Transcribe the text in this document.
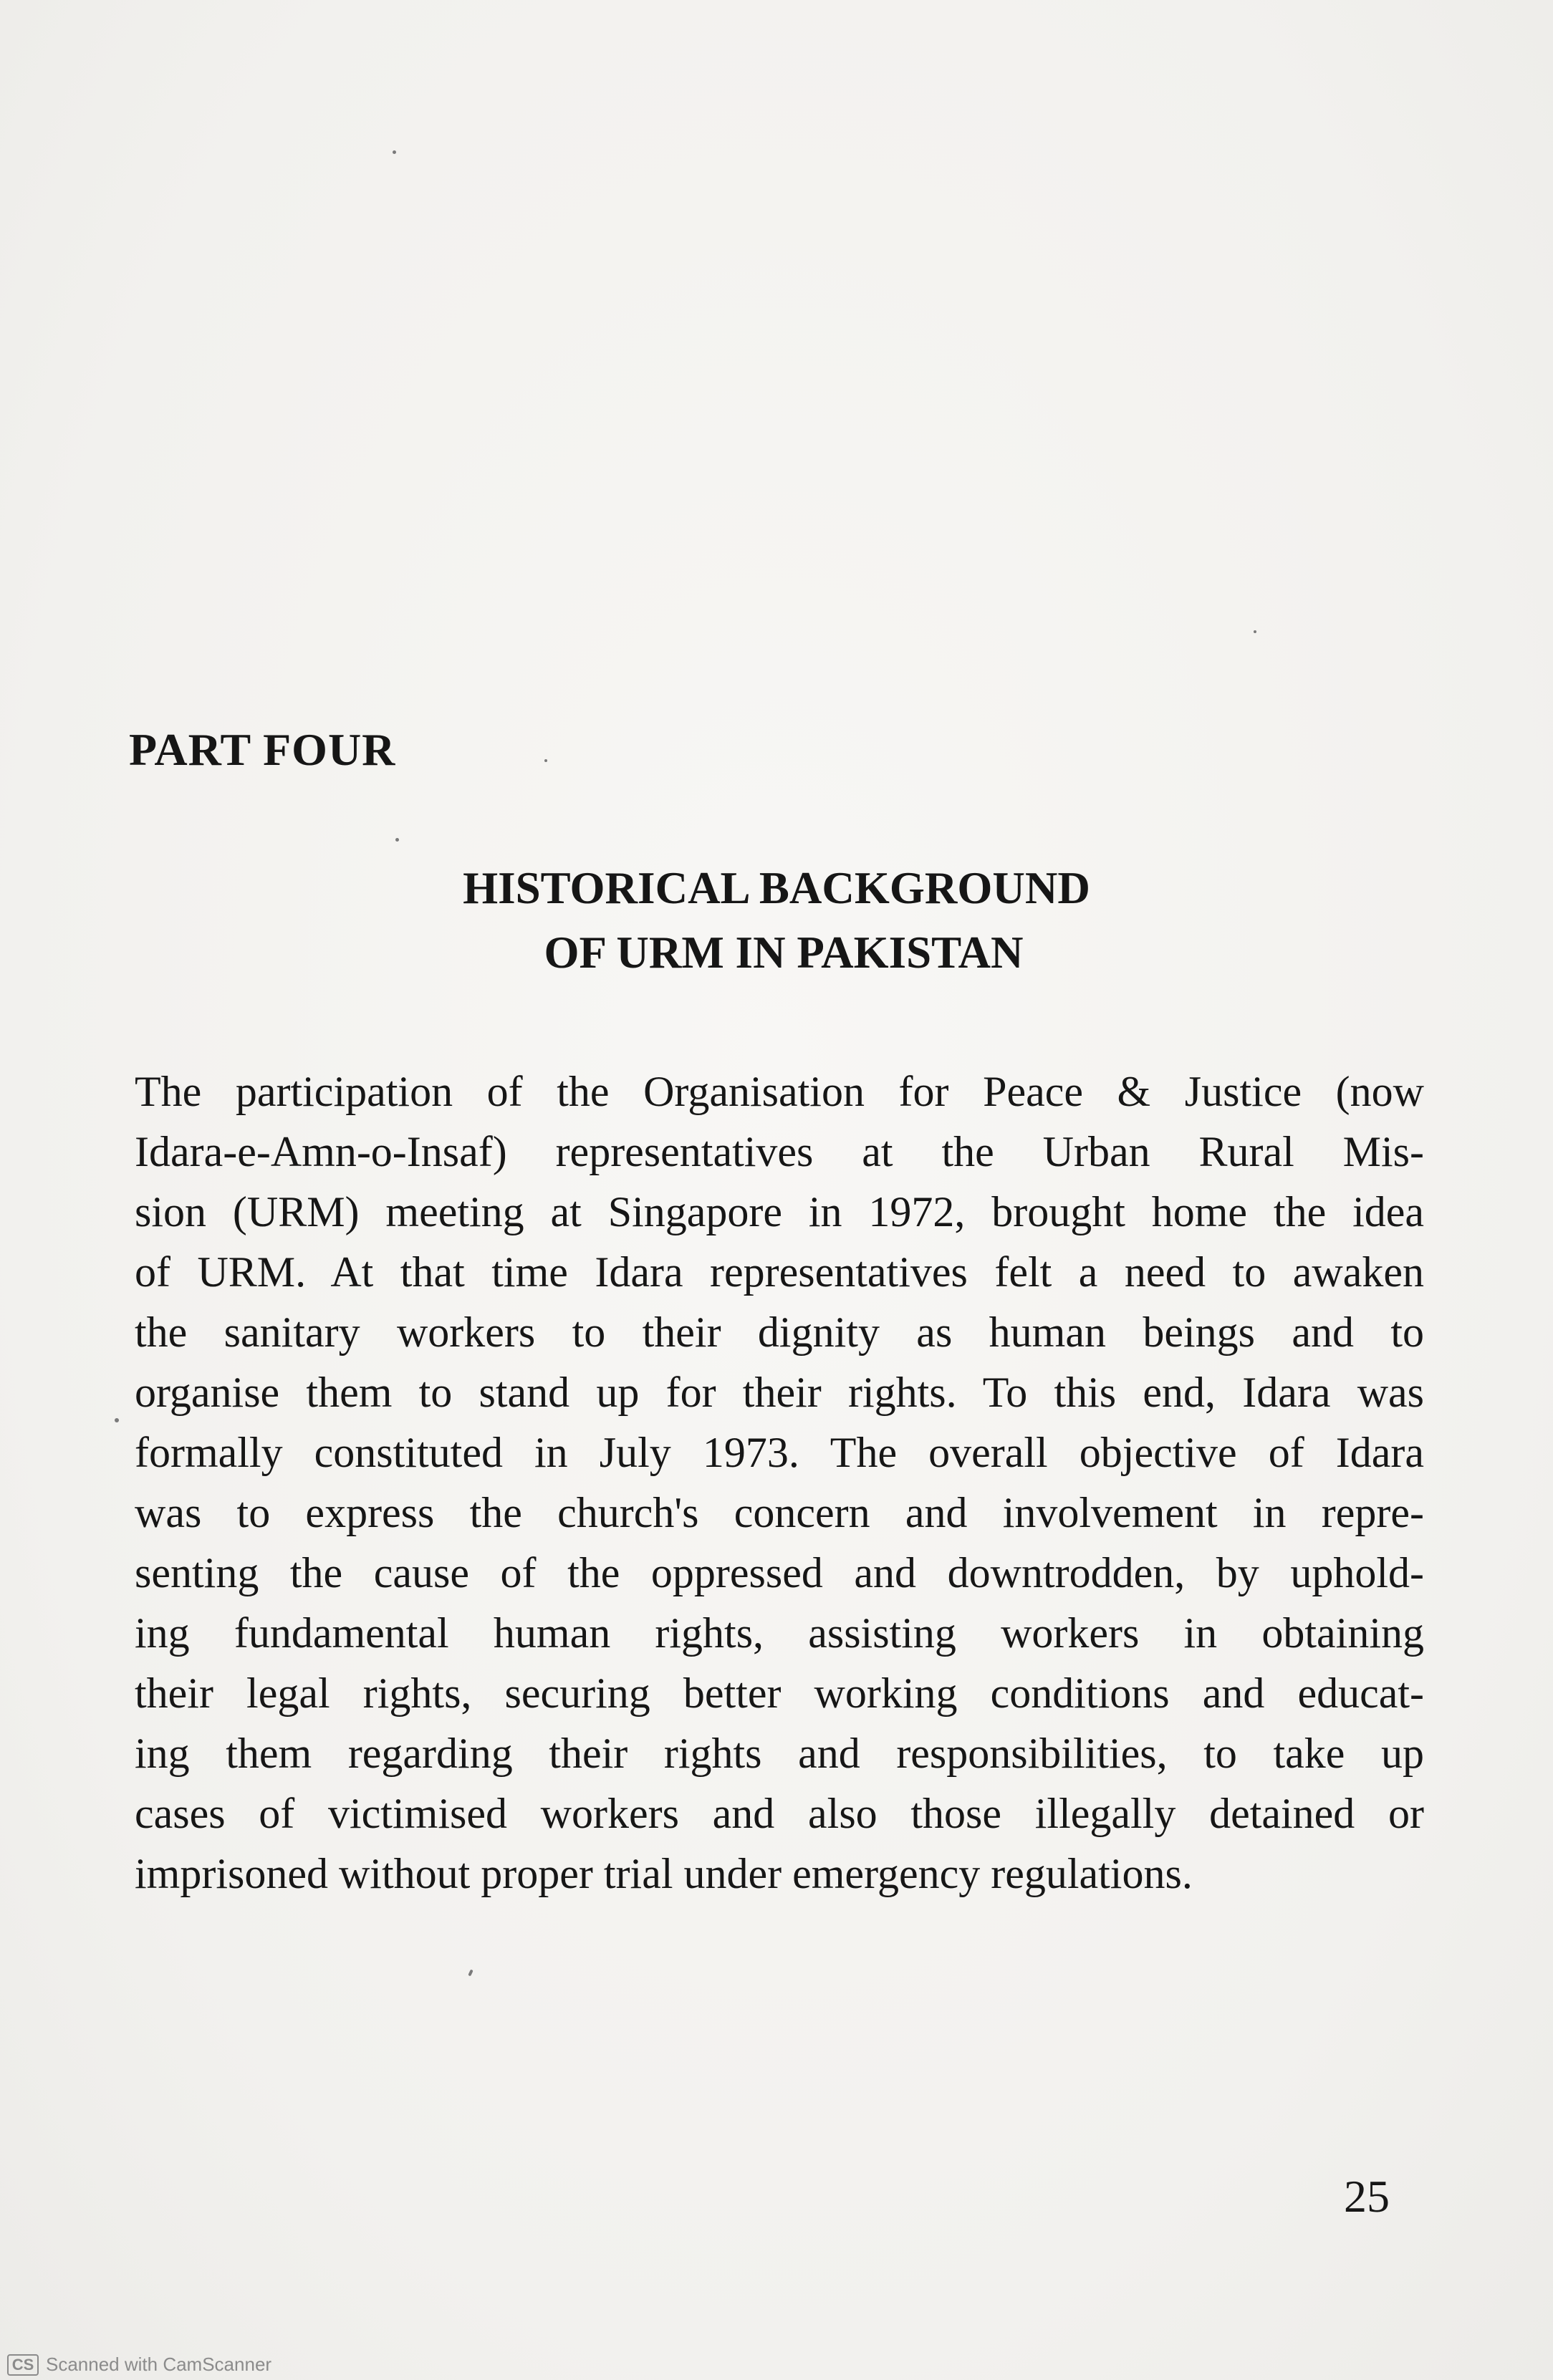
PART FOUR
HISTORICAL BACKGROUND
OF URM IN PAKISTAN
The participation of the Organisation for Peace & Justice (now
Idara-e-Amn-o-Insaf) representatives at the Urban Rural Mis-
sion (URM) meeting at Singapore in 1972, brought home the idea
of URM. At that time Idara representatives felt a need to awaken
the sanitary workers to their dignity as human beings and to
organise them to stand up for their rights. To this end, Idara was
formally constituted in July 1973. The overall objective of Idara
was to express the church's concern and involvement in repre-
senting the cause of the oppressed and downtrodden, by uphold-
ing fundamental human rights, assisting workers in obtaining
their legal rights, securing better working conditions and educat-
ing them regarding their rights and responsibilities, to take up
cases of victimised workers and also those illegally detained or
imprisoned without proper trial under emergency regulations.
25
CS Scanned with CamScanner
